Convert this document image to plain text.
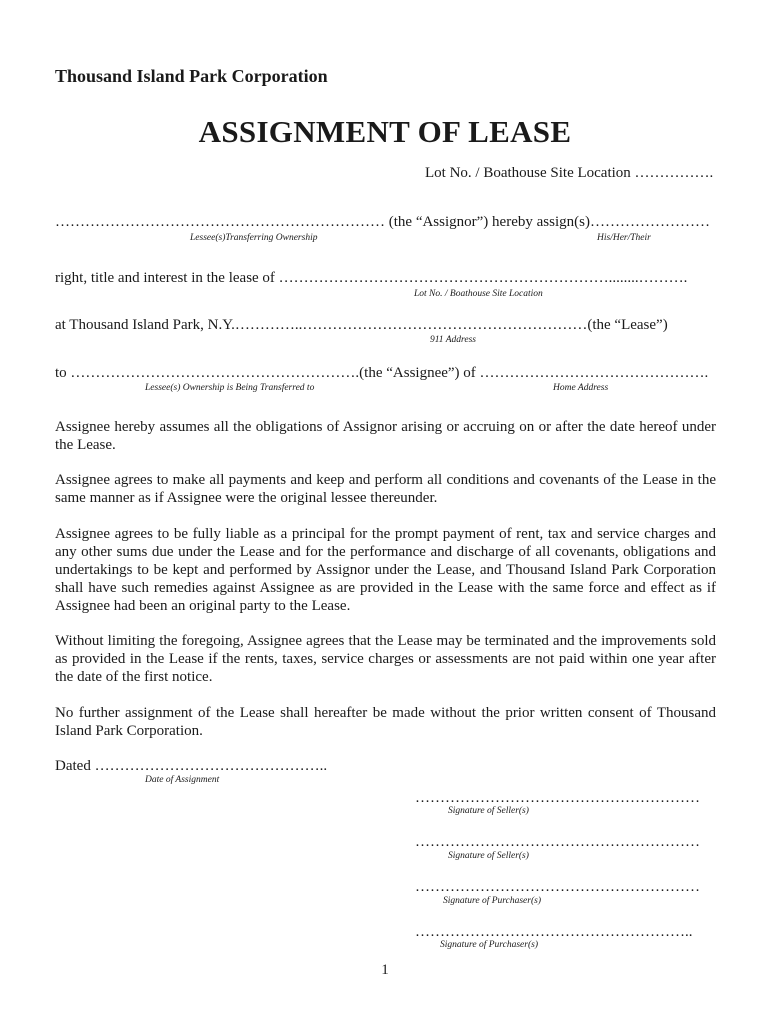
Thousand Island Park Corporation
ASSIGNMENT OF LEASE
Lot No. / Boathouse Site Location …………….
………………………………………………………… (the “Assignor”) hereby assign(s)……………………
Lessee(s)Transferring Ownership	His/Her/Their
right, title and interest in the lease of …………………………………………………………........……….
Lot No. / Boathouse Site Location
at Thousand Island Park, N.Y.…………..…………………………………………………(the “Lease”)
911 Address
to ………………………………………………….(the “Assignee”) of ……………………………………….
Lessee(s) Ownership is Being Transferred to	Home Address
Assignee hereby assumes all the obligations of Assignor arising or accruing on or after the date hereof under the Lease.
Assignee agrees to make all payments and keep and perform all conditions and covenants of the Lease in the same manner as if Assignee were the original lessee thereunder.
Assignee agrees to be fully liable as a principal for the prompt payment of rent, tax and service charges and any other sums due under the Lease and for the performance and discharge of all covenants, obligations and undertakings to be kept and performed by Assignor under the Lease, and Thousand Island Park Corporation shall have such remedies against Assignee as are provided in the Lease with the same force and effect as if Assignee had been an original party to the Lease.
Without limiting the foregoing, Assignee agrees that the Lease may be terminated and the improvements sold as provided in the Lease if the rents, taxes, service charges or assessments are not paid within one year after the date of the first notice.
No further assignment of the Lease shall hereafter be made without the prior written consent of Thousand Island Park Corporation.
Dated ………………………………………..
Date of Assignment
…………………………………………………
Signature of Seller(s)
…………………………………………………
Signature of Seller(s)
…………………………………………………
Signature of Purchaser(s)
………………………………………………..
Signature of Purchaser(s)
1
